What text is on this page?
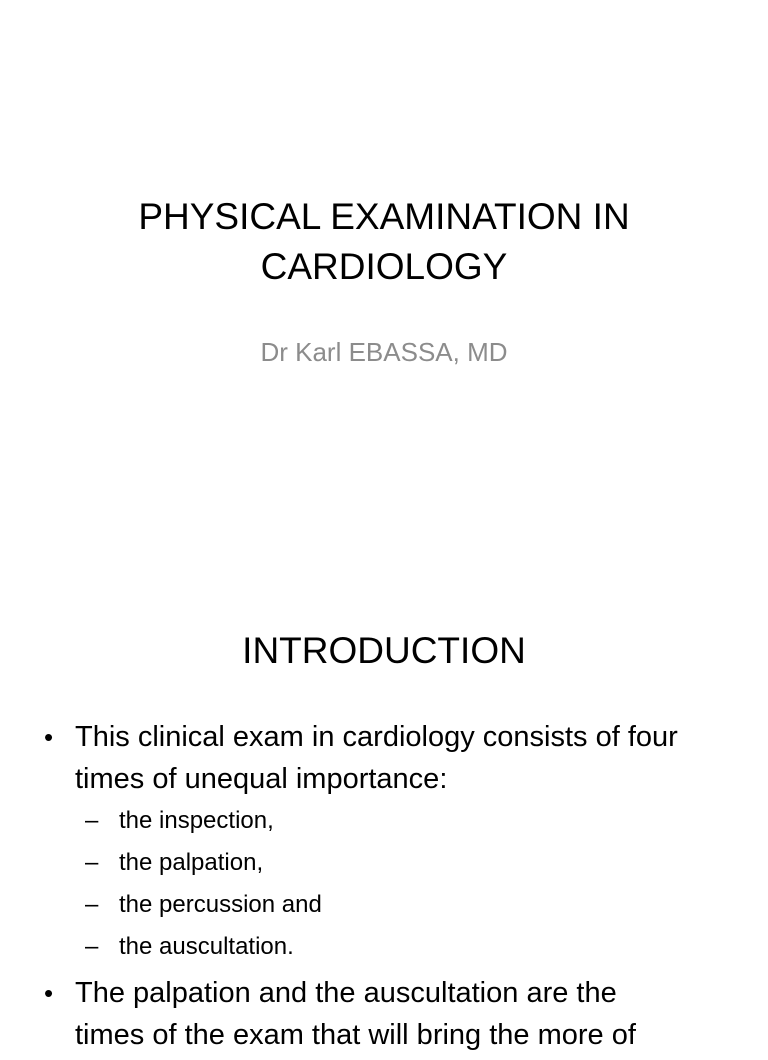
PHYSICAL EXAMINATION IN
CARDIOLOGY

Dr Karl EBASSA, MD

INTRODUCTION
• This clinical exam in cardiology consists of four
times of unequal importance:
– the inspection,
– the palpation,
– the percussion and
– the auscultation.
• The palpation and the auscultation are the
times of the exam that will bring the more of
